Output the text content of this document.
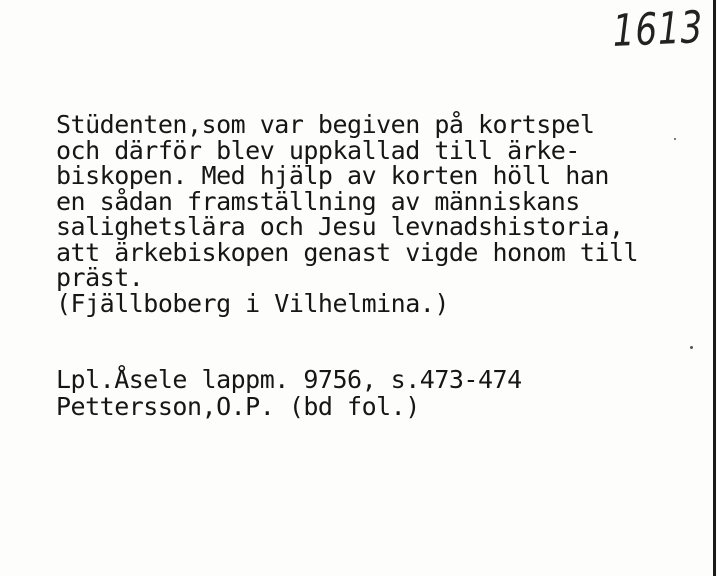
1613
Stüdenten,som var begiven på kortspel
och därför blev uppkallad till ärke-
biskopen. Med hjälp av korten höll han
en sådan framställning av människans
salighetslära och Jesu levnadshistoria,
att ärkebiskopen genast vigde honom till
präst.
(Fjällboberg i Vilhelmina.)
Lpl.Åsele lappm. 9756, s.473-474
Pettersson,O.P. (bd fol.)
